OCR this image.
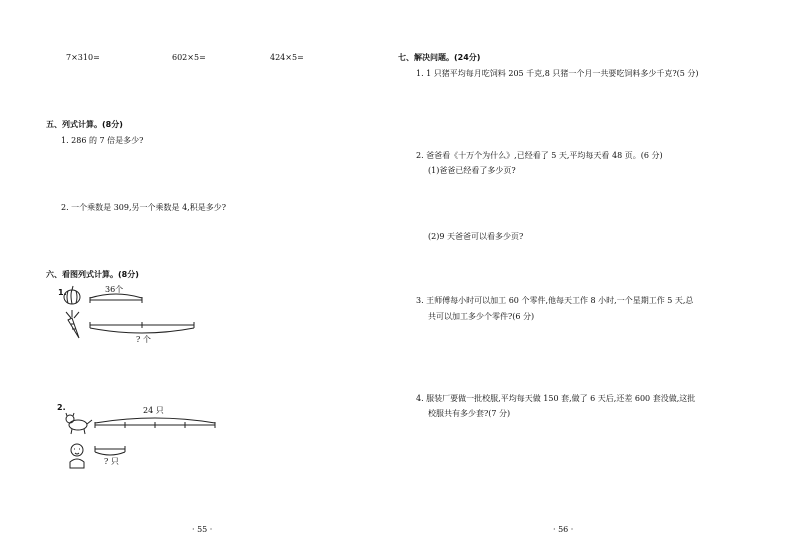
7×310=	602×5=	424×5=
五、列式计算。(8分)
1. 286 的 7 倍是多少?
2. 一个乘数是 309,另一个乘数是 4,积是多少?
六、看图列式计算。(8分)
1.	36个
? 个
2.	24 只
? 只
· 55 ·
七、解决问题。(24分)
1. 1 只猪平均每月吃饲料 205 千克,8 只猪一个月一共要吃饲料多少千克?(5 分)
2. 爸爸看《十万个为什么》,已经看了 5 天,平均每天看 48 页。(6 分)
(1)爸爸已经看了多少页?
(2)9 天爸爸可以看多少页?
3. 王师傅每小时可以加工 60 个零件,他每天工作 8 小时,一个星期工作 5 天,总
共可以加工多少个零件?(6 分)
4. 服装厂要做一批校服,平均每天做 150 套,做了 6 天后,还差 600 套没做,这批
校服共有多少套?(7 分)
· 56 ·
